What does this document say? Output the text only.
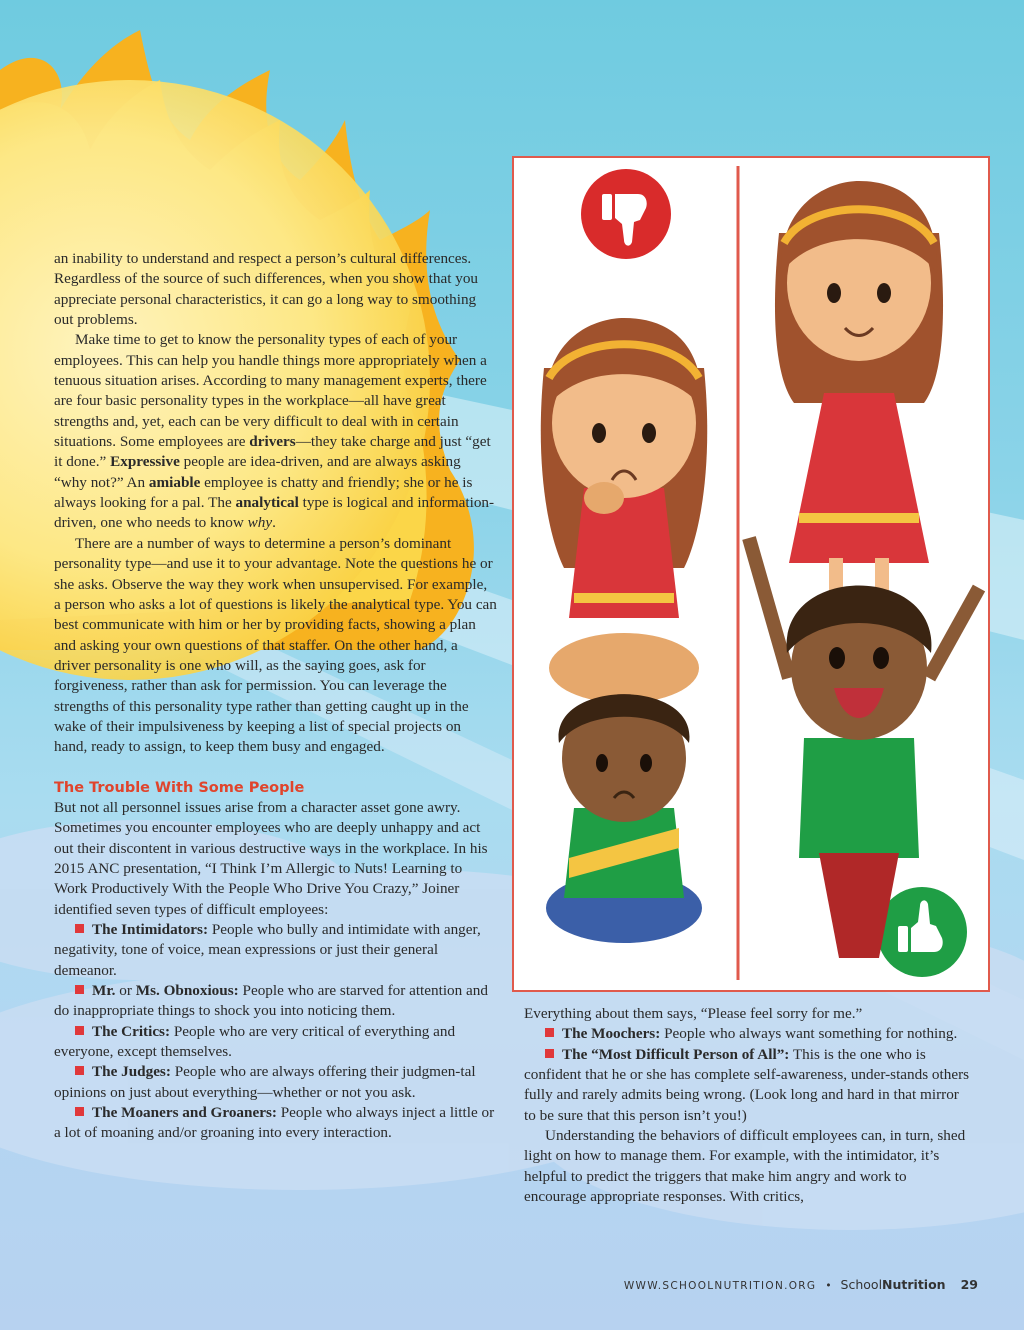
an inability to understand and respect a person’s cultural differences. Regardless of the source of such differences, when you show that you appreciate personal characteristics, it can go a long way to smoothing out problems.

Make time to get to know the personality types of each of your employees. This can help you handle things more appropriately when a tenuous situation arises. According to many management experts, there are four basic personality types in the workplace—all have great strengths and, yet, each can be very difficult to deal with in certain situations. Some employees are drivers—they take charge and just “get it done.” Expressive people are idea-driven, and are always asking “why not?” An amiable employee is chatty and friendly; she or he is always looking for a pal. The analytical type is logical and information-driven, one who needs to know why.

There are a number of ways to determine a person’s dominant personality type—and use it to your advantage. Note the questions he or she asks. Observe the way they work when unsupervised. For example, a person who asks a lot of questions is likely the analytical type. You can best communicate with him or her by providing facts, showing a plan and asking your own questions of that staffer. On the other hand, a driver personality is one who will, as the saying goes, ask for forgiveness, rather than ask for permission. You can leverage the strengths of this personality type rather than getting caught up in the wake of their impulsiveness by keeping a list of special projects on hand, ready to assign, to keep them busy and engaged.

The Trouble With Some People

But not all personnel issues arise from a character asset gone awry. Sometimes you encounter employees who are deeply unhappy and act out their discontent in various destructive ways in the workplace. In his 2015 ANC presentation, “I Think I’m Allergic to Nuts! Learning to Work Productively With the People Who Drive You Crazy,” Joiner identified seven types of difficult employees:

The Intimidators: People who bully and intimidate with anger, negativity, tone of voice, mean expressions or just their general demeanor.

Mr. or Ms. Obnoxious: People who are starved for attention and do inappropriate things to shock you into noticing them.

The Critics: People who are very critical of everything and everyone, except themselves.

The Judges: People who are always offering their judgmen-tal opinions on just about everything—whether or not you ask.

The Moaners and Groaners: People who always inject a little or a lot of moaning and/or groaning into every interaction.

Everything about them says, “Please feel sorry for me.”

The Moochers: People who always want something for nothing.

The “Most Difficult Person of All”: This is the one who is confident that he or she has complete self-awareness, under-stands others fully and rarely admits being wrong. (Look long and hard in that mirror to be sure that this person isn’t you!)

Understanding the behaviors of difficult employees can, in turn, shed light on how to manage them. For example, with the intimidator, it’s helpful to predict the triggers that make him angry and work to encourage appropriate responses. With critics,

WWW.SCHOOLNUTRITION.ORG • SchoolNutrition 29
